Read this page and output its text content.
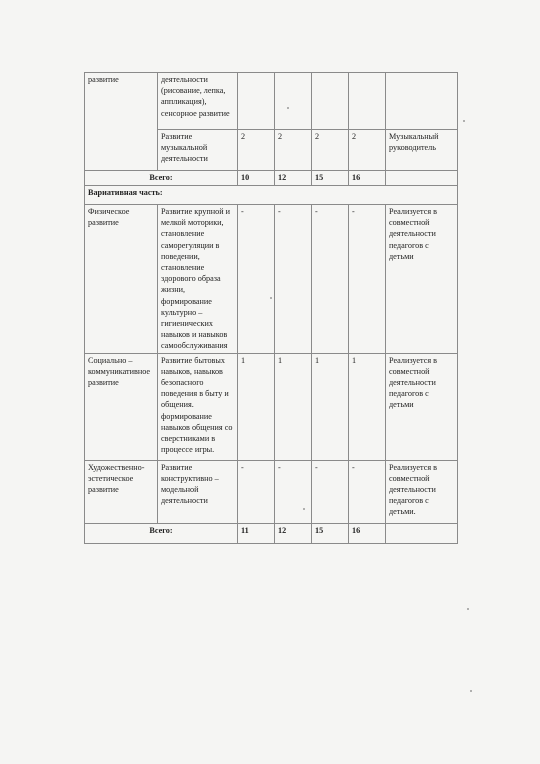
развитие	деятельности (рисование, лепка, аппликация), сенсорное развитие					
	Развитие музыкальной деятельности	2	2	2	2	Музыкальный руководитель
Всего:		10	12	15	16	
Вариативная часть:						
Физическое развитие	Развитие крупной и мелкой моторики, становление саморегуляции в поведении, становление здорового образа жизни, формирование культурно – гигиенических навыков и навыков самообслуживания	-	-	-	-	Реализуется в совместной деятельности педагогов с детьми
Социально – коммуникативное развитие	Развитие бытовых навыков, навыков безопасного поведения в быту и общения. формирование навыков общения со сверстниками в процессе игры.	1	1	1	1	Реализуется в совместной деятельности педагогов с детьми
Художественно-эстетическое развитие	Развитие конструктивно – модельной деятельности	-	-	-	-	Реализуется в совместной деятельности педагогов с детьми.
Всего:		11	12	15	16	
